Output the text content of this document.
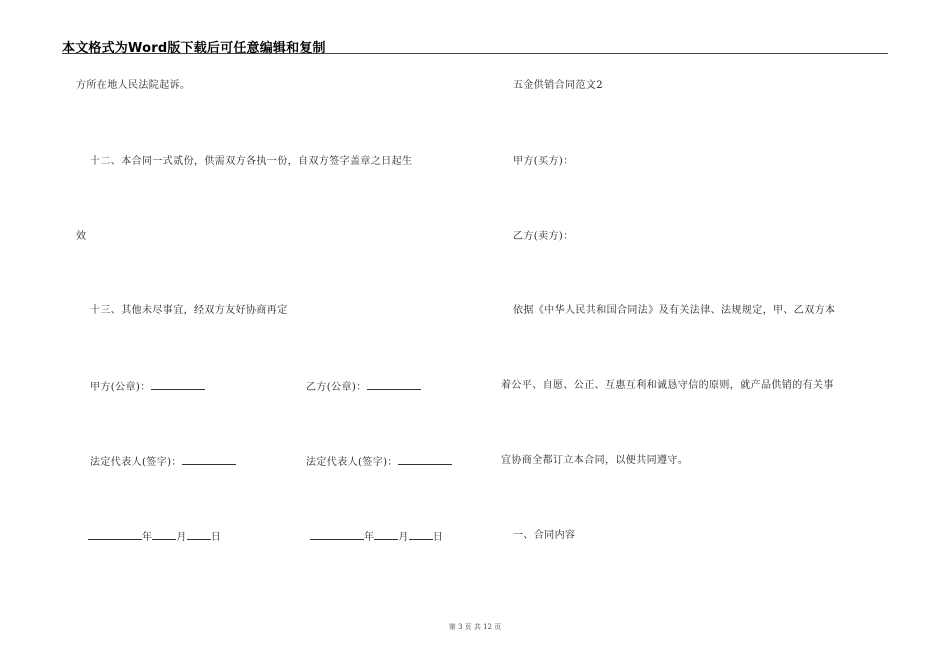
本文格式为Word版下载后可任意编辑和复制
方所在地人民法院起诉。
十二、本合同一式贰份，供需双方各执一份，自双方签字盖章之日起生
效
十三、其他未尽事宜，经双方友好协商再定
甲方(公章)：	乙方(公章)：
法定代表人(签字)：	法定代表人(签字)：
年 月 日	年 月 日
五金供销合同范文2
甲方(买方)：
乙方(卖方)：
依据《中华人民共和国合同法》及有关法律、法规规定，甲、乙双方本
着公平、自愿、公正、互惠互利和诚恳守信的原则，就产品供销的有关事
宜协商全都订立本合同，以便共同遵守。
一、合同内容
第 3 页 共 12 页
